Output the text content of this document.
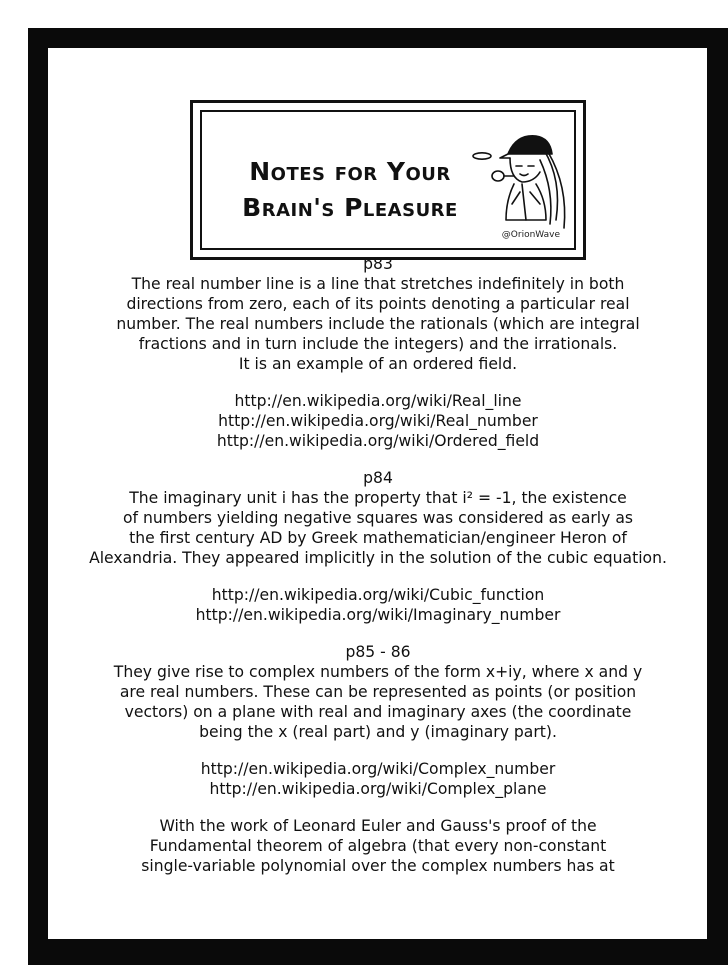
Notes for Your
Brain's Pleasure
@OrionWave
p83
The real number line is a line that stretches indefinitely in both
directions from zero, each of its points denoting a particular real
number. The real numbers include the rationals (which are integral
fractions and in turn include the integers) and the irrationals.
It is an example of an ordered field.
http://en.wikipedia.org/wiki/Real_line
http://en.wikipedia.org/wiki/Real_number
http://en.wikipedia.org/wiki/Ordered_field
p84
The imaginary unit i has the property that i² = -1, the existence
of numbers yielding negative squares was considered as early as
the first century AD by Greek mathematician/engineer Heron of
Alexandria. They appeared implicitly in the solution of the cubic equation.
http://en.wikipedia.org/wiki/Cubic_function
http://en.wikipedia.org/wiki/Imaginary_number
p85 - 86
They give rise to complex numbers of the form x+iy, where x and y
are real numbers. These can be represented as points (or position
vectors) on a plane with real and imaginary axes (the coordinate
being the x (real part) and y (imaginary part).
http://en.wikipedia.org/wiki/Complex_number
http://en.wikipedia.org/wiki/Complex_plane
With the work of Leonard Euler and Gauss's proof of the
Fundamental theorem of algebra (that every non-constant
single-variable polynomial over the complex numbers has at
